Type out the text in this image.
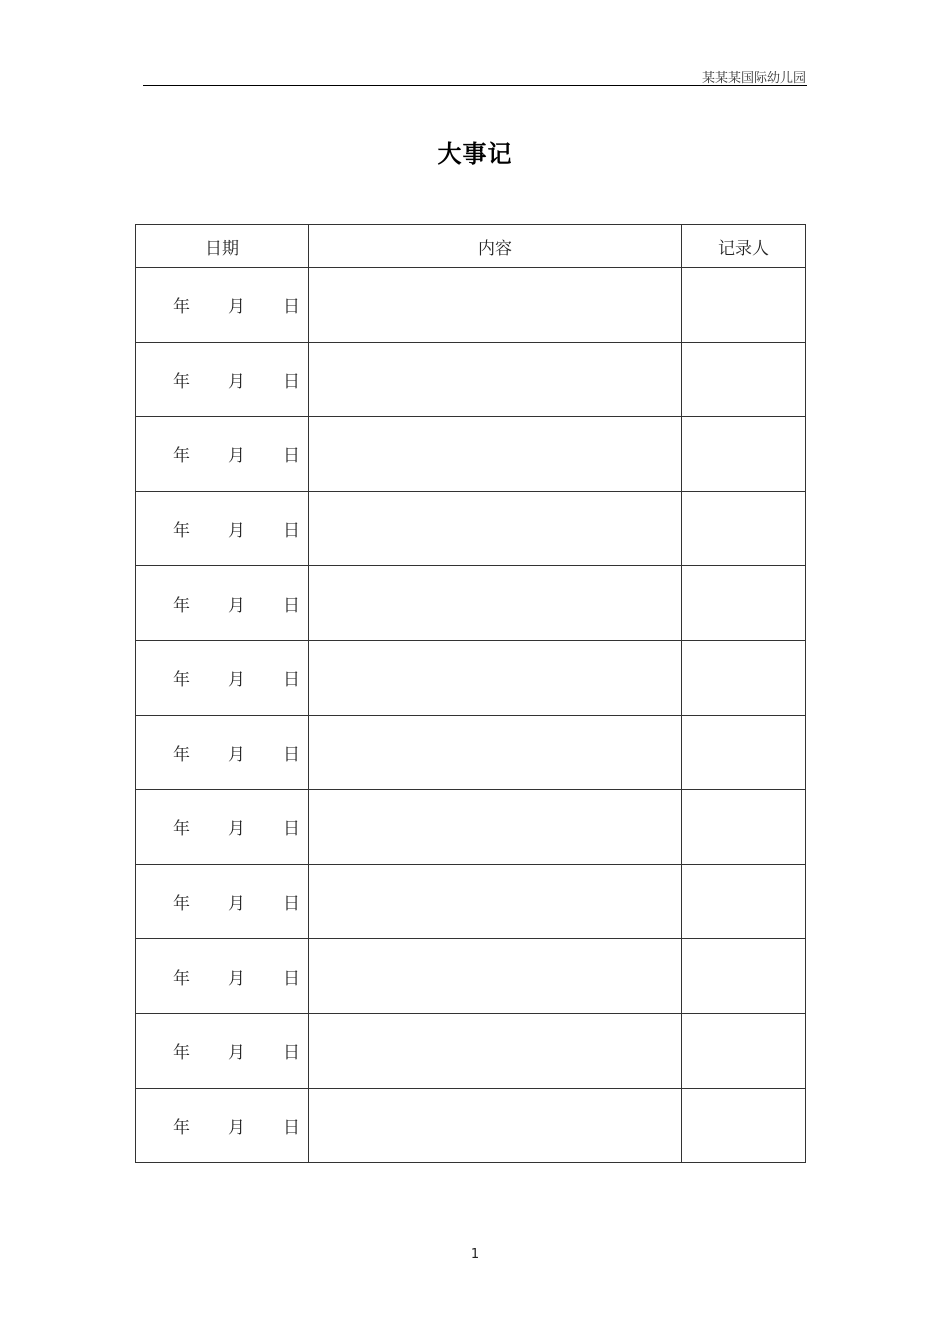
某某某国际幼儿园
大事记
日期	内容	记录人
年 月 日		
年 月 日		
年 月 日		
年 月 日		
年 月 日		
年 月 日		
年 月 日		
年 月 日		
年 月 日		
年 月 日		
年 月 日		
年 月 日		
1
